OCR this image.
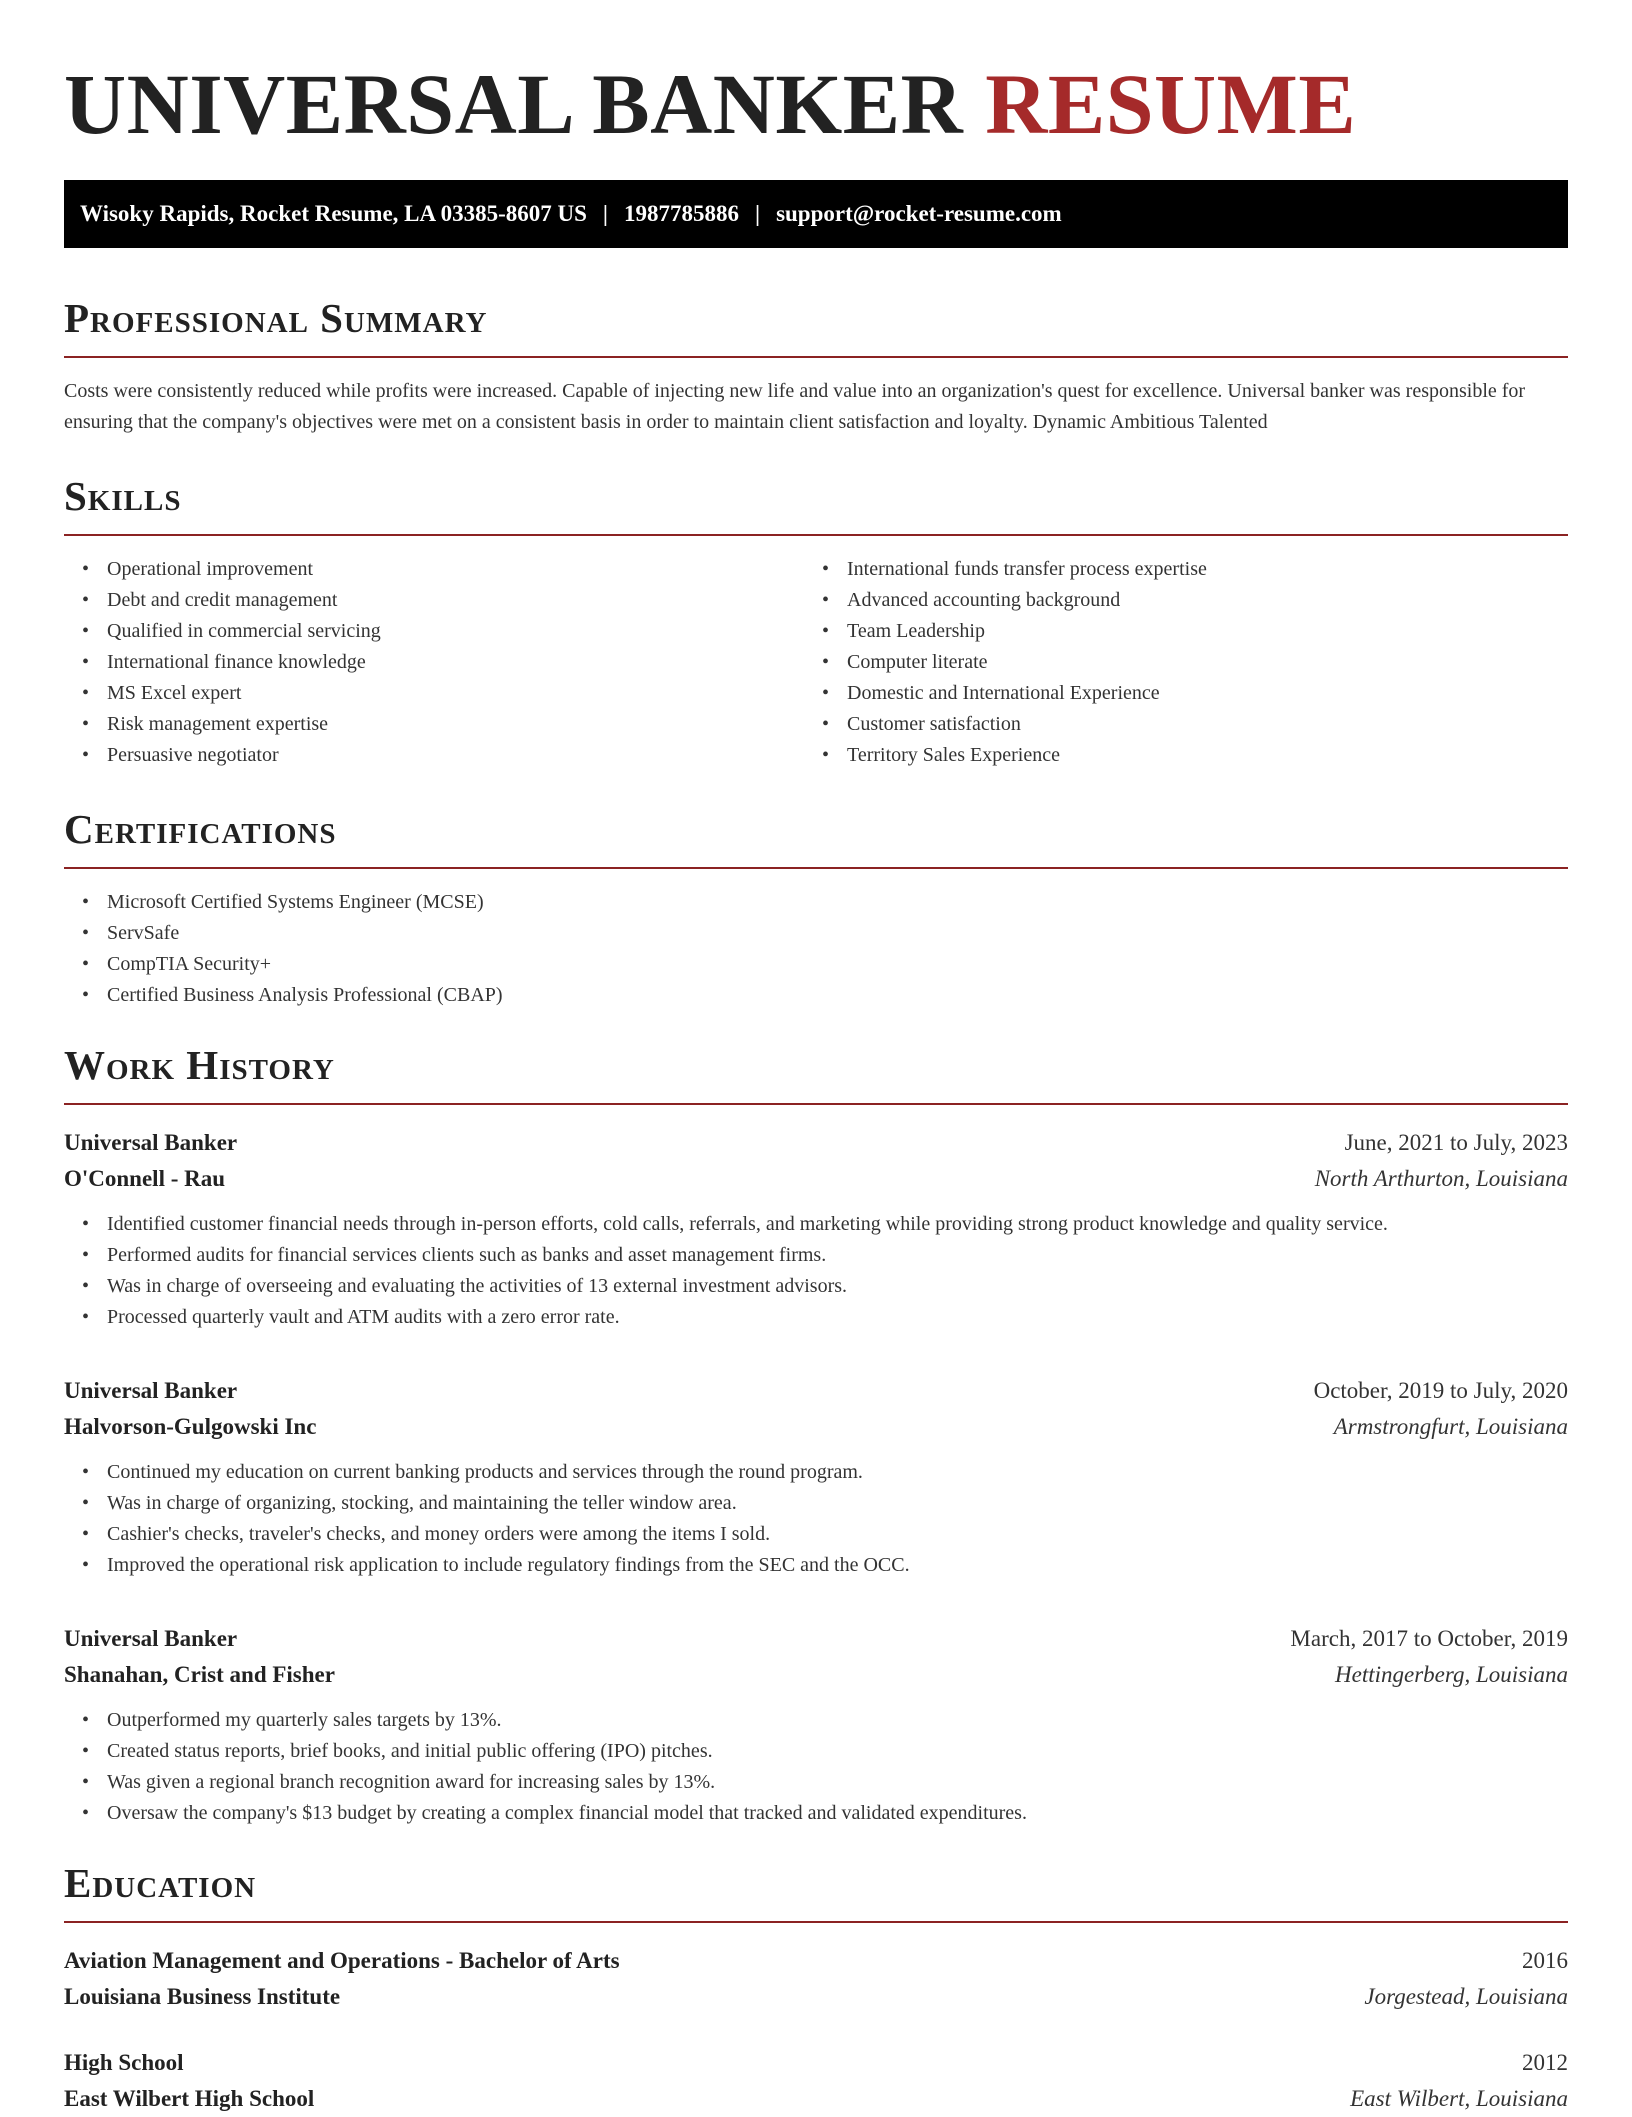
UNIVERSAL BANKER RESUME
Wisoky Rapids, Rocket Resume, LA 03385-8607 US | 1987785886 | support@rocket-resume.com
Professional Summary

Costs were consistently reduced while profits were increased. Capable of injecting new life and value into an organization's quest for excellence. Universal banker was responsible for ensuring that the company's objectives were met on a consistent basis in order to maintain client satisfaction and loyalty. Dynamic Ambitious Talented

Skills
• Operational improvement
• Debt and credit management
• Qualified in commercial servicing
• International finance knowledge
• MS Excel expert
• Risk management expertise
• Persuasive negotiator
• International funds transfer process expertise
• Advanced accounting background
• Team Leadership
• Computer literate
• Domestic and International Experience
• Customer satisfaction
• Territory Sales Experience
Certifications
• Microsoft Certified Systems Engineer (MCSE)
• ServSafe
• CompTIA Security+
• Certified Business Analysis Professional (CBAP)
Work History
Universal Banker	June, 2021 to July, 2023
O'Connell - Rau	North Arthurton, Louisiana
• Identified customer financial needs through in-person efforts, cold calls, referrals, and marketing while providing strong product knowledge and quality service.
• Performed audits for financial services clients such as banks and asset management firms.
• Was in charge of overseeing and evaluating the activities of 13 external investment advisors.
• Processed quarterly vault and ATM audits with a zero error rate.
Universal Banker	October, 2019 to July, 2020
Halvorson-Gulgowski Inc	Armstrongfurt, Louisiana
• Continued my education on current banking products and services through the round program.
• Was in charge of organizing, stocking, and maintaining the teller window area.
• Cashier's checks, traveler's checks, and money orders were among the items I sold.
• Improved the operational risk application to include regulatory findings from the SEC and the OCC.
Universal Banker	March, 2017 to October, 2019
Shanahan, Crist and Fisher	Hettingerberg, Louisiana
• Outperformed my quarterly sales targets by 13%.
• Created status reports, brief books, and initial public offering (IPO) pitches.
• Was given a regional branch recognition award for increasing sales by 13%.
• Oversaw the company's $13 budget by creating a complex financial model that tracked and validated expenditures.
Education
Aviation Management and Operations - Bachelor of Arts	2016
Louisiana Business Institute	Jorgestead, Louisiana
High School	2012
East Wilbert High School	East Wilbert, Louisiana
